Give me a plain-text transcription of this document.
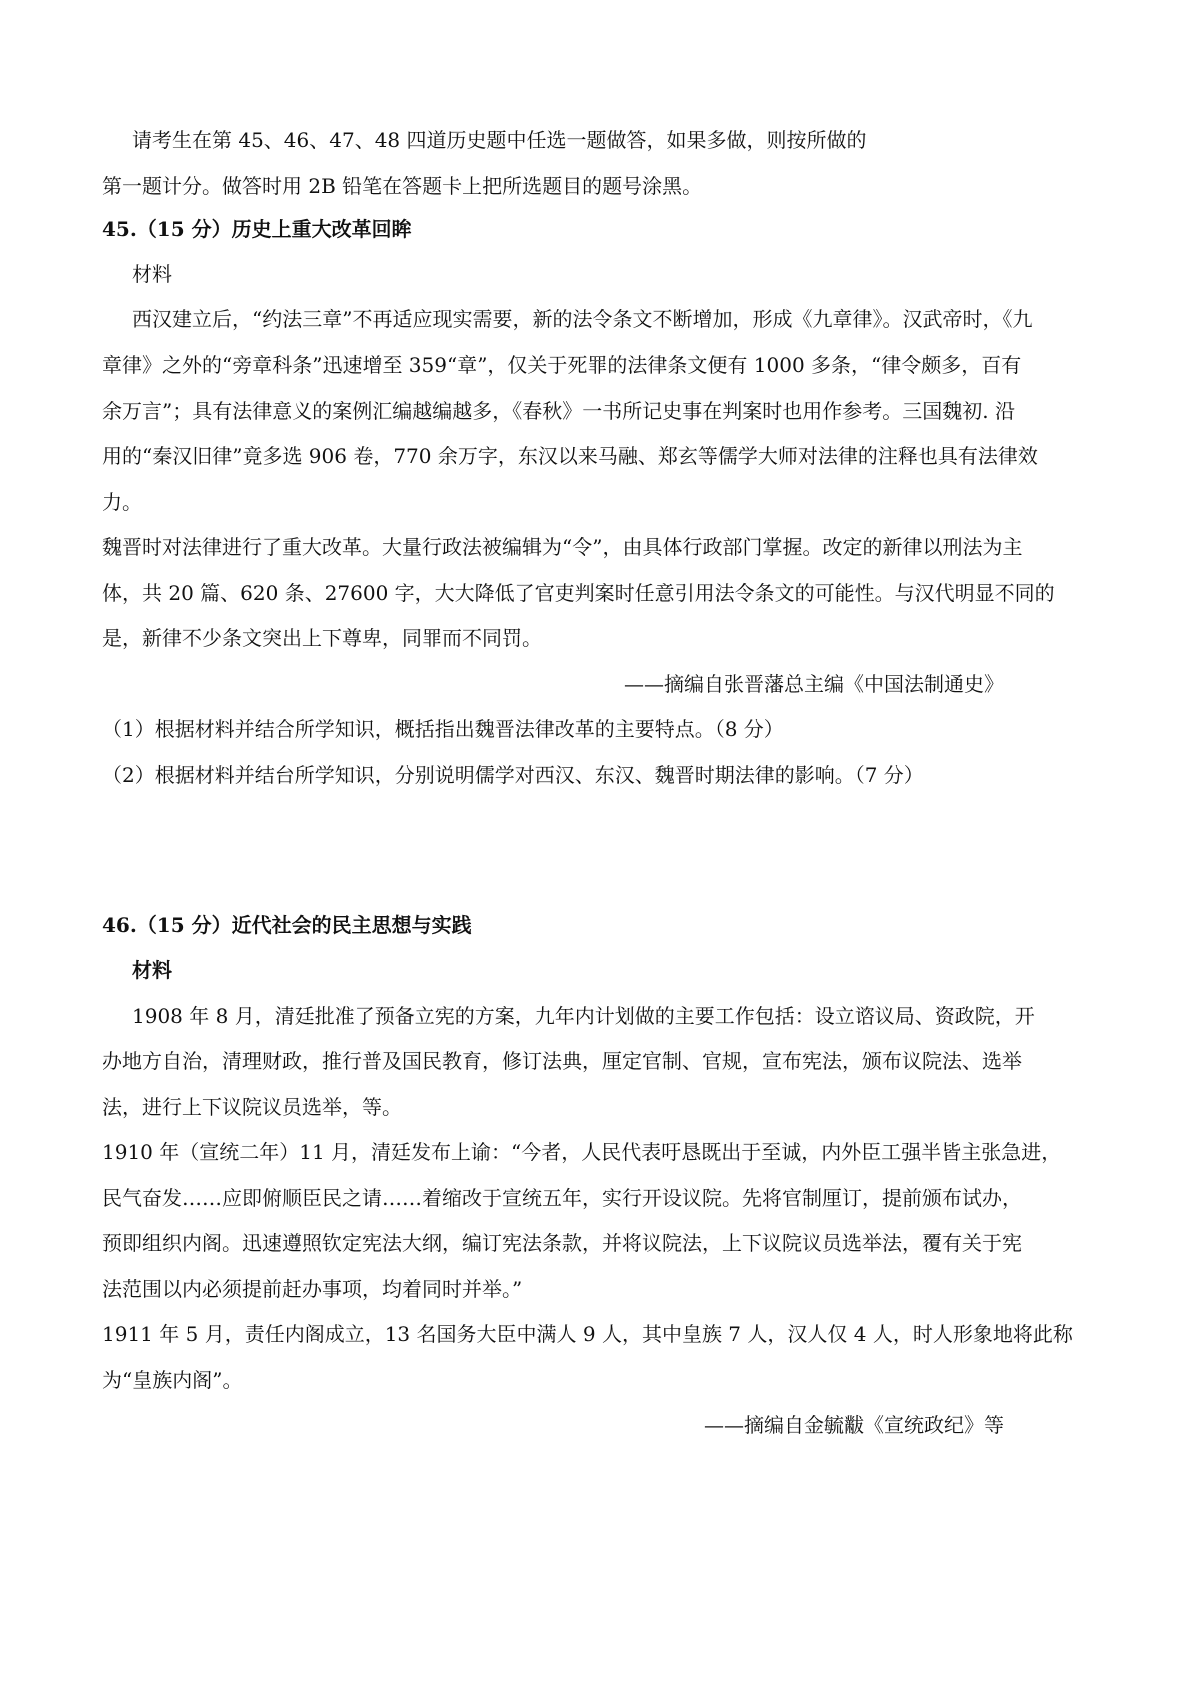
请考生在第 45、46、47、48 四道历史题中任选一题做答，如果多做，则按所做的
第一题计分。做答时用 2B 铅笔在答题卡上把所选题目的题号涂黑。
45.（15 分）历史上重大改革回眸
材料
西汉建立后，“约法三章”不再适应现实需要，新的法令条文不断增加，形成《九章律》。汉武帝时，《九
章律》之外的“旁章科条”迅速增至 359“章”，仅关于死罪的法律条文便有 1000 多条，“律令颇多，百有
余万言”；具有法律意义的案例汇编越编越多，《春秋》一书所记史事在判案时也用作参考。三国魏初. 沿
用的“秦汉旧律”竟多选 906 卷，770 余万字，东汉以来马融、郑玄等儒学大师对法律的注释也具有法律效
力。
魏晋时对法律进行了重大改革。大量行政法被编辑为“令”，由具体行政部门掌握。改定的新律以刑法为主
体，共 20 篇、620 条、27600 字，大大降低了官吏判案时任意引用法令条文的可能性。与汉代明显不同的
是，新律不少条文突出上下尊卑，同罪而不同罚。
——摘编自张晋藩总主编《中国法制通史》
（1）根据材料并结合所学知识，概括指出魏晋法律改革的主要特点。（8 分）
（2）根据材料并结台所学知识，分别说明儒学对西汉、东汉、魏晋时期法律的影响。（7 分）
46.（15 分）近代社会的民主思想与实践
材料
1908 年 8 月，清廷批准了预备立宪的方案，九年内计划做的主要工作包括：设立谘议局、资政院，开
办地方自治，清理财政，推行普及国民教育，修订法典，厘定官制、官规，宣布宪法，颁布议院法、选举
法，进行上下议院议员选举，等。
1910 年（宣统二年）11 月，清廷发布上谕：“今者，人民代表吁恳既出于至诚，内外臣工强半皆主张急进，
民气奋发……应即俯顺臣民之请……着缩改于宣统五年，实行开设议院。先将官制厘订，提前颁布试办，
预即组织内阁。迅速遵照钦定宪法大纲，编订宪法条款，并将议院法，上下议院议员选举法，覆有关于宪
法范围以内必须提前赶办事项，均着同时并举。”
1911 年 5 月，责任内阁成立，13 名国务大臣中满人 9 人，其中皇族 7 人，汉人仅 4 人，时人形象地将此称
为“皇族内阁”。
——摘编自金毓黻《宣统政纪》等
